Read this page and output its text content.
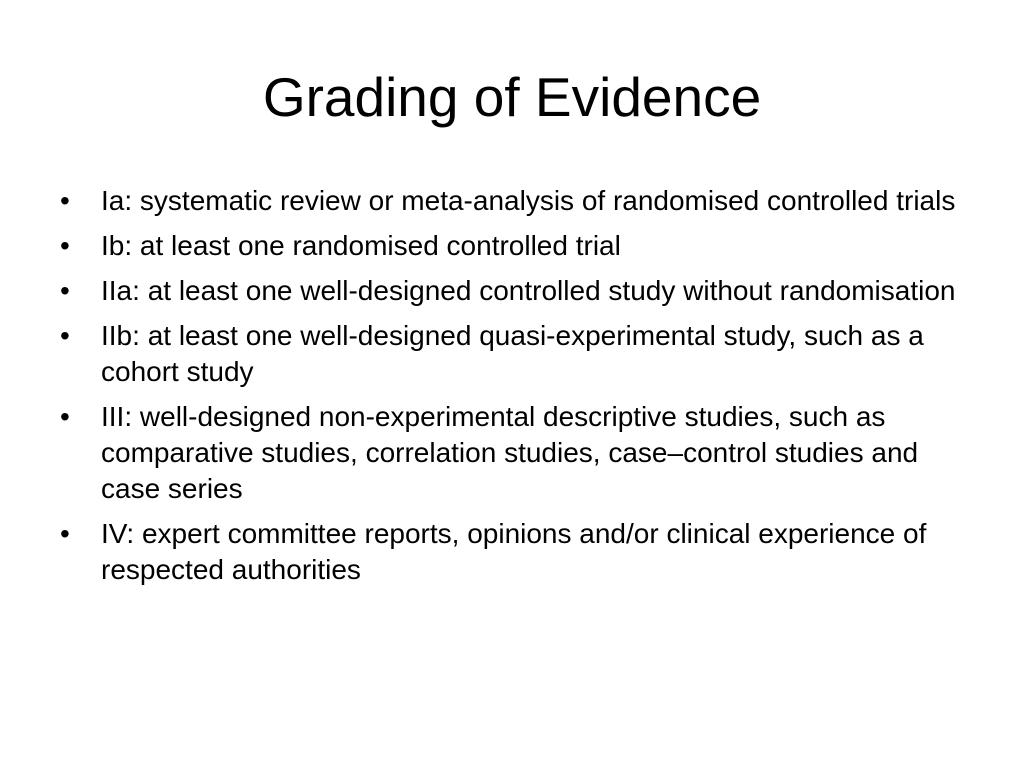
Grading of Evidence
•	Ia: systematic review or meta-analysis of randomised controlled trials
•	Ib: at least one randomised controlled trial
•	IIa: at least one well-designed controlled study without randomisation
•	IIb: at least one well-designed quasi-experimental study, such as a cohort study
•	III: well-designed non-experimental descriptive studies, such as comparative studies, correlation studies, case–control studies and case series
•	IV: expert committee reports, opinions and/or clinical experience of respected authorities
